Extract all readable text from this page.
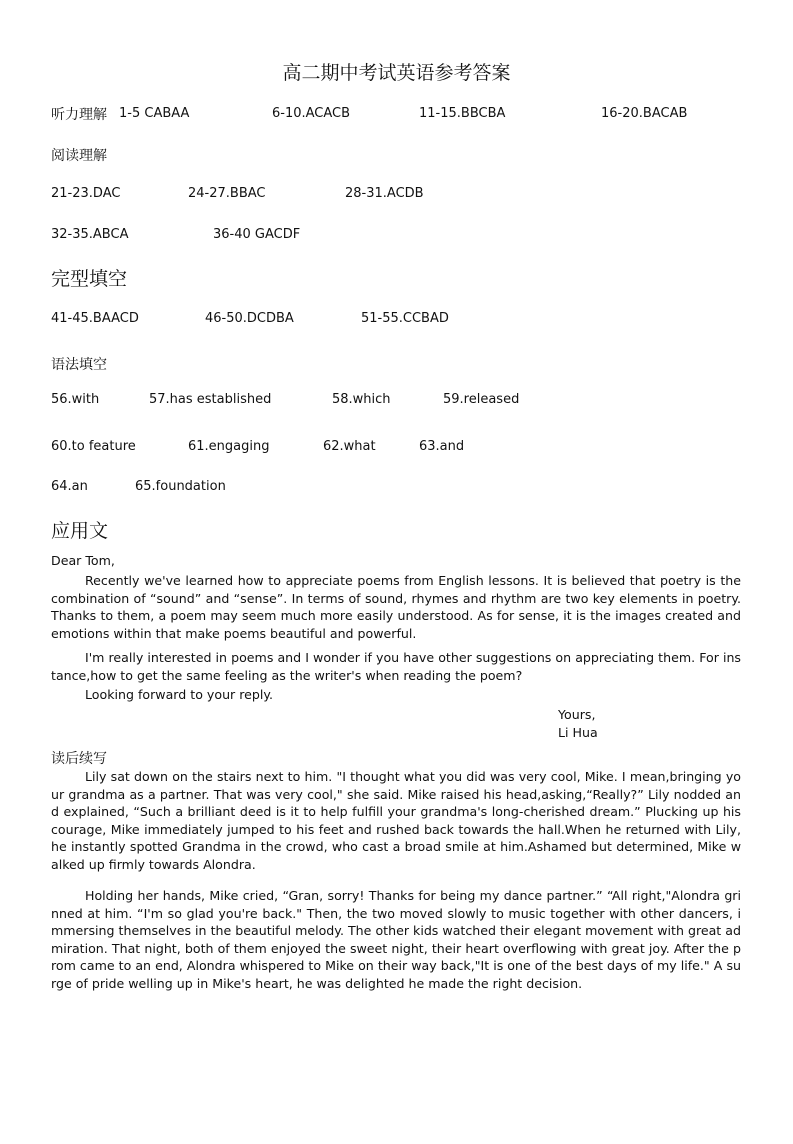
高二期中考试英语参考答案
听力理解 1-5 CABAA	6-10.ACACB	11-15.BBCBA	16-20.BACAB
阅读理解
21-23.DAC	24-27.BBAC	28-31.ACDB
32-35.ABCA	36-40 GACDF
完型填空
41-45.BAACD	46-50.DCDBA	51-55.CCBAD
语法填空
56.with	57.has established	58.which	59.released
60.to feature	61.engaging	62.what	63.and
64.an	65.foundation
应用文
Dear Tom,

Recently we've learned how to appreciate poems from English lessons. It is believed that poetry is the combination of “sound” and “sense”. In terms of sound, rhymes and rhythm are two key elements in poetry. Thanks to them, a poem may seem much more easily understood. As for sense, it is the images created and emotions within that make poems beautiful and powerful.

I'm really interested in poems and I wonder if you have other suggestions on appreciating them. For instance,how to get the same feeling as the writer's when reading the poem?

Looking forward to your reply.

Yours,
Li Hua
读后续写

Lily sat down on the stairs next to him. "I thought what you did was very cool, Mike. I mean,bringing your grandma as a partner. That was very cool," she said. Mike raised his head,asking,“Really?” Lily nodded and explained, “Such a brilliant deed is it to help fulfill your grandma's long-cherished dream.” Plucking up his courage, Mike immediately jumped to his feet and rushed back towards the hall.When he returned with Lily, he instantly spotted Grandma in the crowd, who cast a broad smile at him.Ashamed but determined, Mike walked up firmly towards Alondra.

Holding her hands, Mike cried, “Gran, sorry! Thanks for being my dance partner.” “All right,"Alondra grinned at him. “I'm so glad you're back." Then, the two moved slowly to music together with other dancers, immersing themselves in the beautiful melody. The other kids watched their elegant movement with great admiration. That night, both of them enjoyed the sweet night, their heart overflowing with great joy. After the prom came to an end, Alondra whispered to Mike on their way back,"It is one of the best days of my life." A surge of pride welling up in Mike's heart, he was delighted he made the right decision.
